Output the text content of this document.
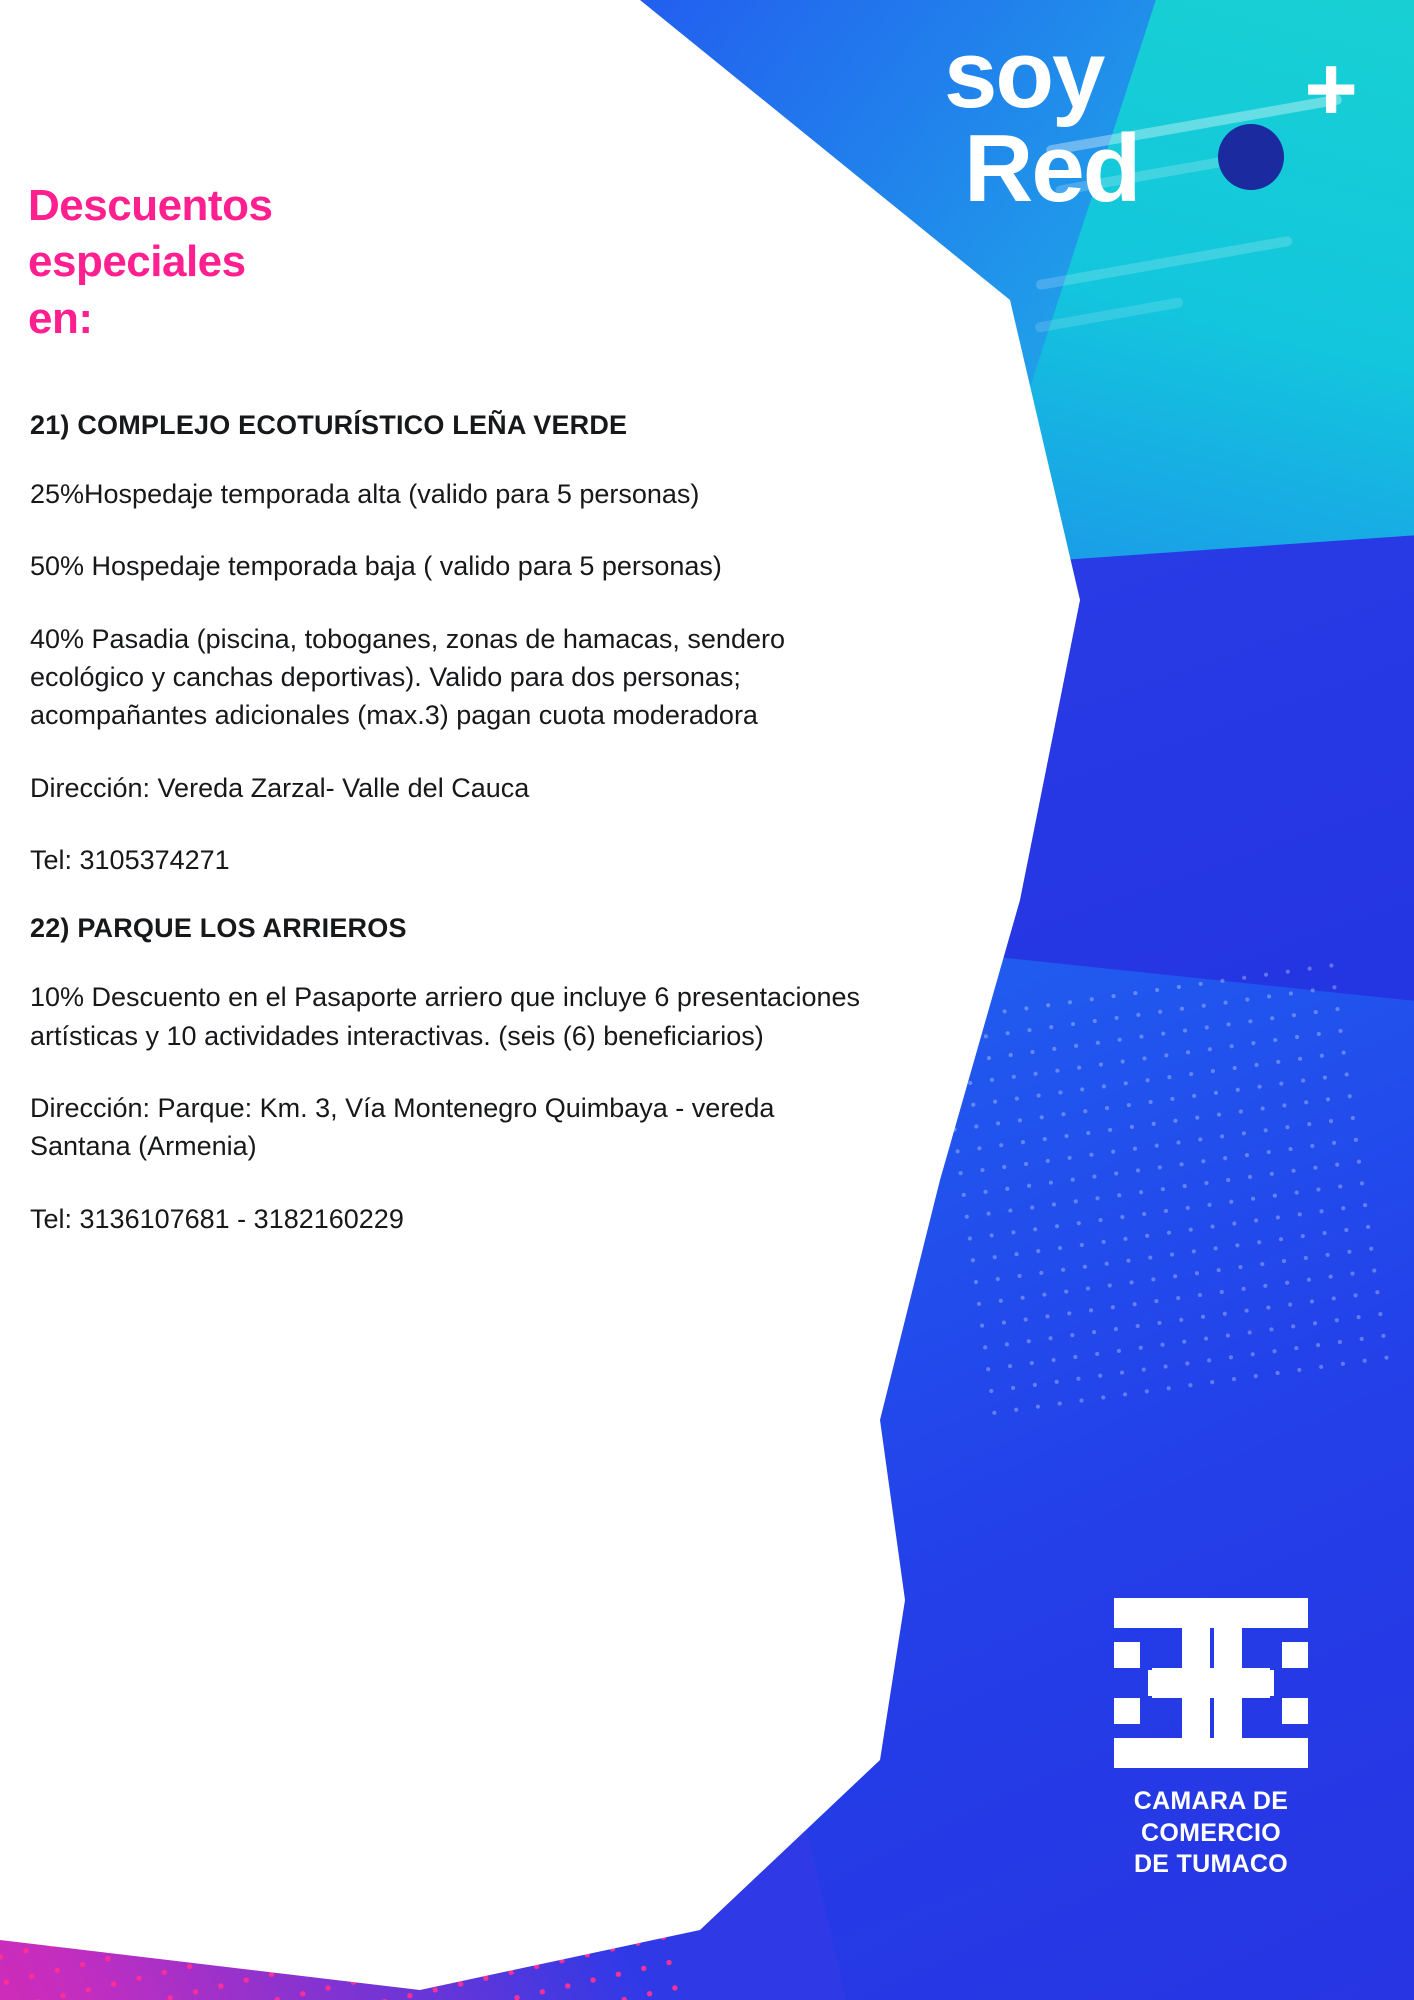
soy
Red
+
Descuentos
especiales
en:

21) COMPLEJO ECOTURÍSTICO LEÑA VERDE

25%Hospedaje temporada alta (valido para 5 personas)

50% Hospedaje temporada baja ( valido para 5 personas)

40% Pasadia (piscina, toboganes, zonas de hamacas, sendero ecológico y canchas deportivas). Valido para dos personas; acompañantes adicionales (max.3) pagan cuota moderadora

Dirección: Vereda Zarzal- Valle del Cauca

Tel: 3105374271

22) PARQUE LOS ARRIEROS

10% Descuento en el Pasaporte arriero que incluye 6 presentaciones artísticas y 10 actividades interactivas. (seis (6) beneficiarios)

Dirección: Parque: Km. 3, Vía Montenegro Quimbaya - vereda Santana (Armenia)

Tel: 3136107681 - 3182160229

CAMARA DE COMERCIO
DE TUMACO
